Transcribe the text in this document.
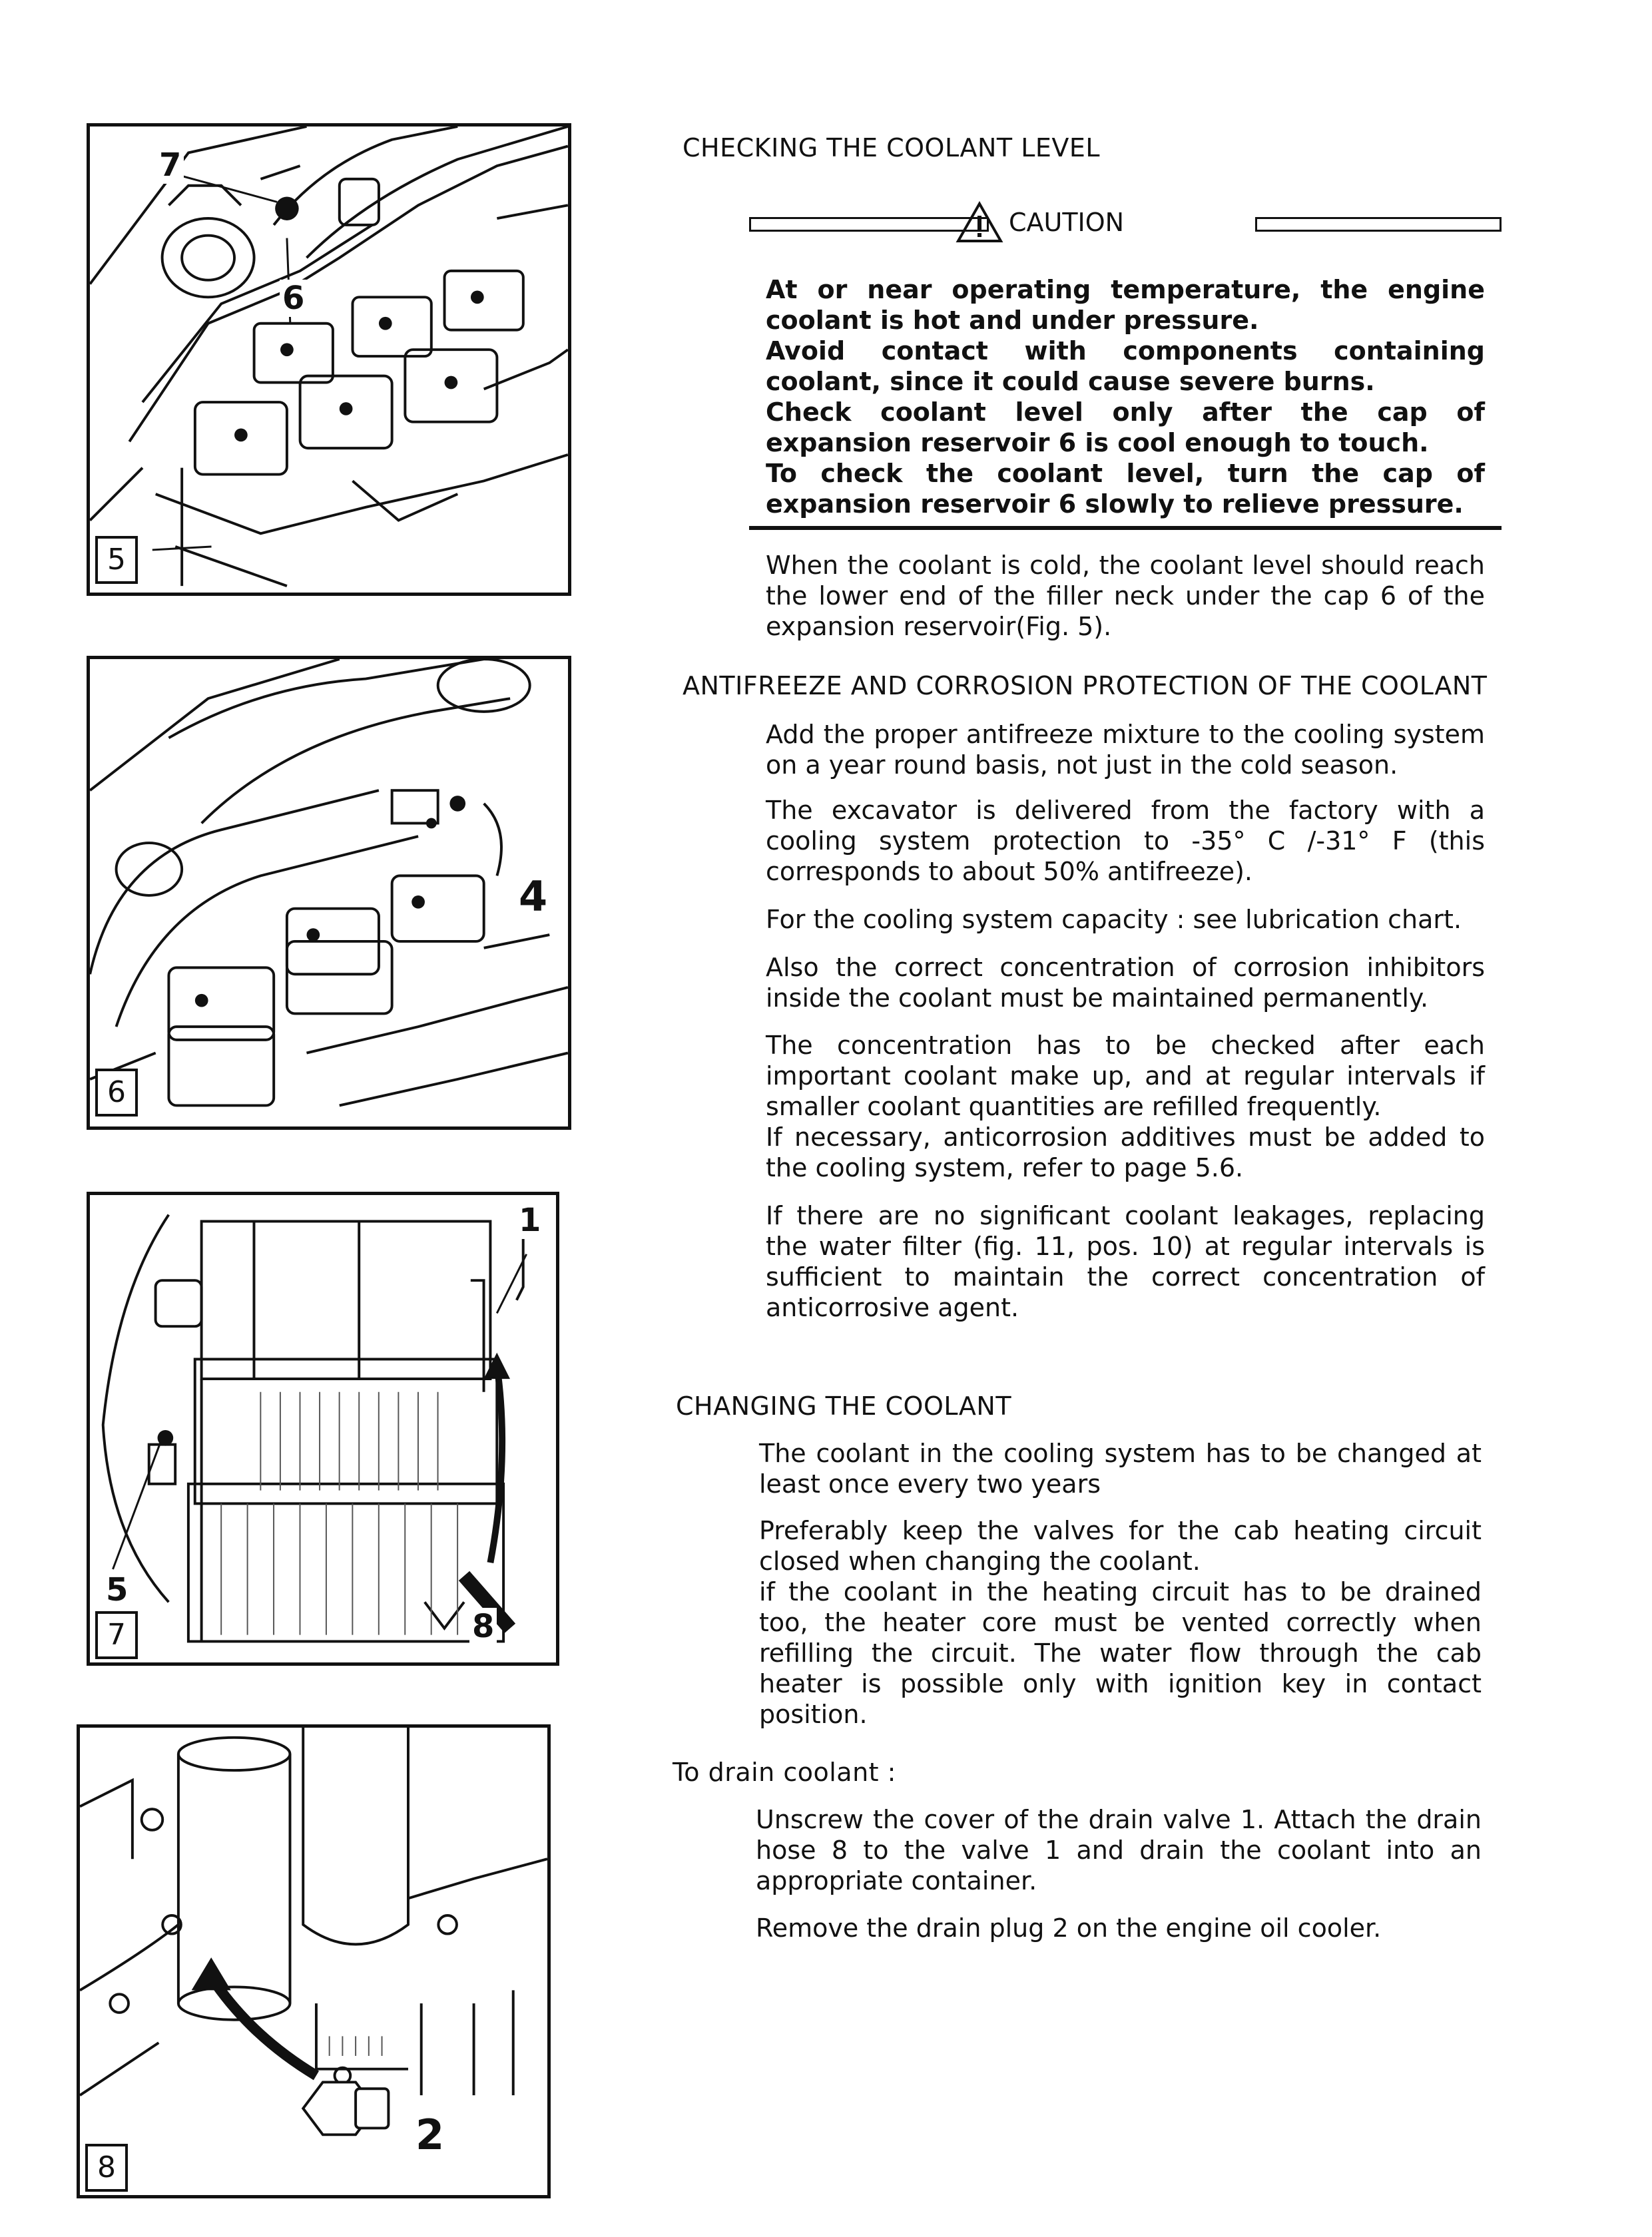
7
6
5
4
6
1
5
8
7
2
8
CHECKING THE COOLANT LEVEL
CAUTION
At or near operating temperature, the engine coolant is hot and under pressure.
Avoid contact with components containing coolant, since it could cause severe burns.
Check coolant level only after the cap of expansion reservoir 6 is cool enough to touch.
To check the coolant level, turn the cap of expansion reservoir 6 slowly to relieve pressure.
When the coolant is cold, the coolant level should reach the lower end of the filler neck under the cap 6 of the expansion reservoir(Fig. 5).
ANTIFREEZE AND CORROSION PROTECTION OF THE COOLANT
Add the proper antifreeze mixture to the cooling system on a year round basis, not just in the cold season.
The excavator is delivered from the factory with a cooling system protection to -35° C /-31° F (this corresponds to about 50% antifreeze).
For the cooling system capacity : see lubrication chart.
Also the correct concentration of corrosion inhibitors inside the coolant must be maintained permanently.
The concentration has to be checked after each important coolant make up, and at regular intervals if smaller coolant quantities are refilled frequently.
If necessary, anticorrosion additives must be added to the cooling system, refer to page 5.6.
If there are no significant coolant leakages, replacing the water filter (fig. 11, pos. 10) at regular intervals is sufficient to maintain the correct concentration of anticorrosive agent.
CHANGING THE COOLANT
The coolant in the cooling system has to be changed at least once every two years
Preferably keep the valves for the cab heating circuit closed when changing the coolant.
if the coolant in the heating circuit has to be drained too, the heater core must be vented correctly when refilling the circuit. The water flow through the cab heater is possible only with ignition key in contact position.
To drain coolant :
Unscrew the cover of the drain valve 1. Attach the drain hose 8 to the valve 1 and drain the coolant into an appropriate container.
Remove the drain plug 2 on the engine oil cooler.
